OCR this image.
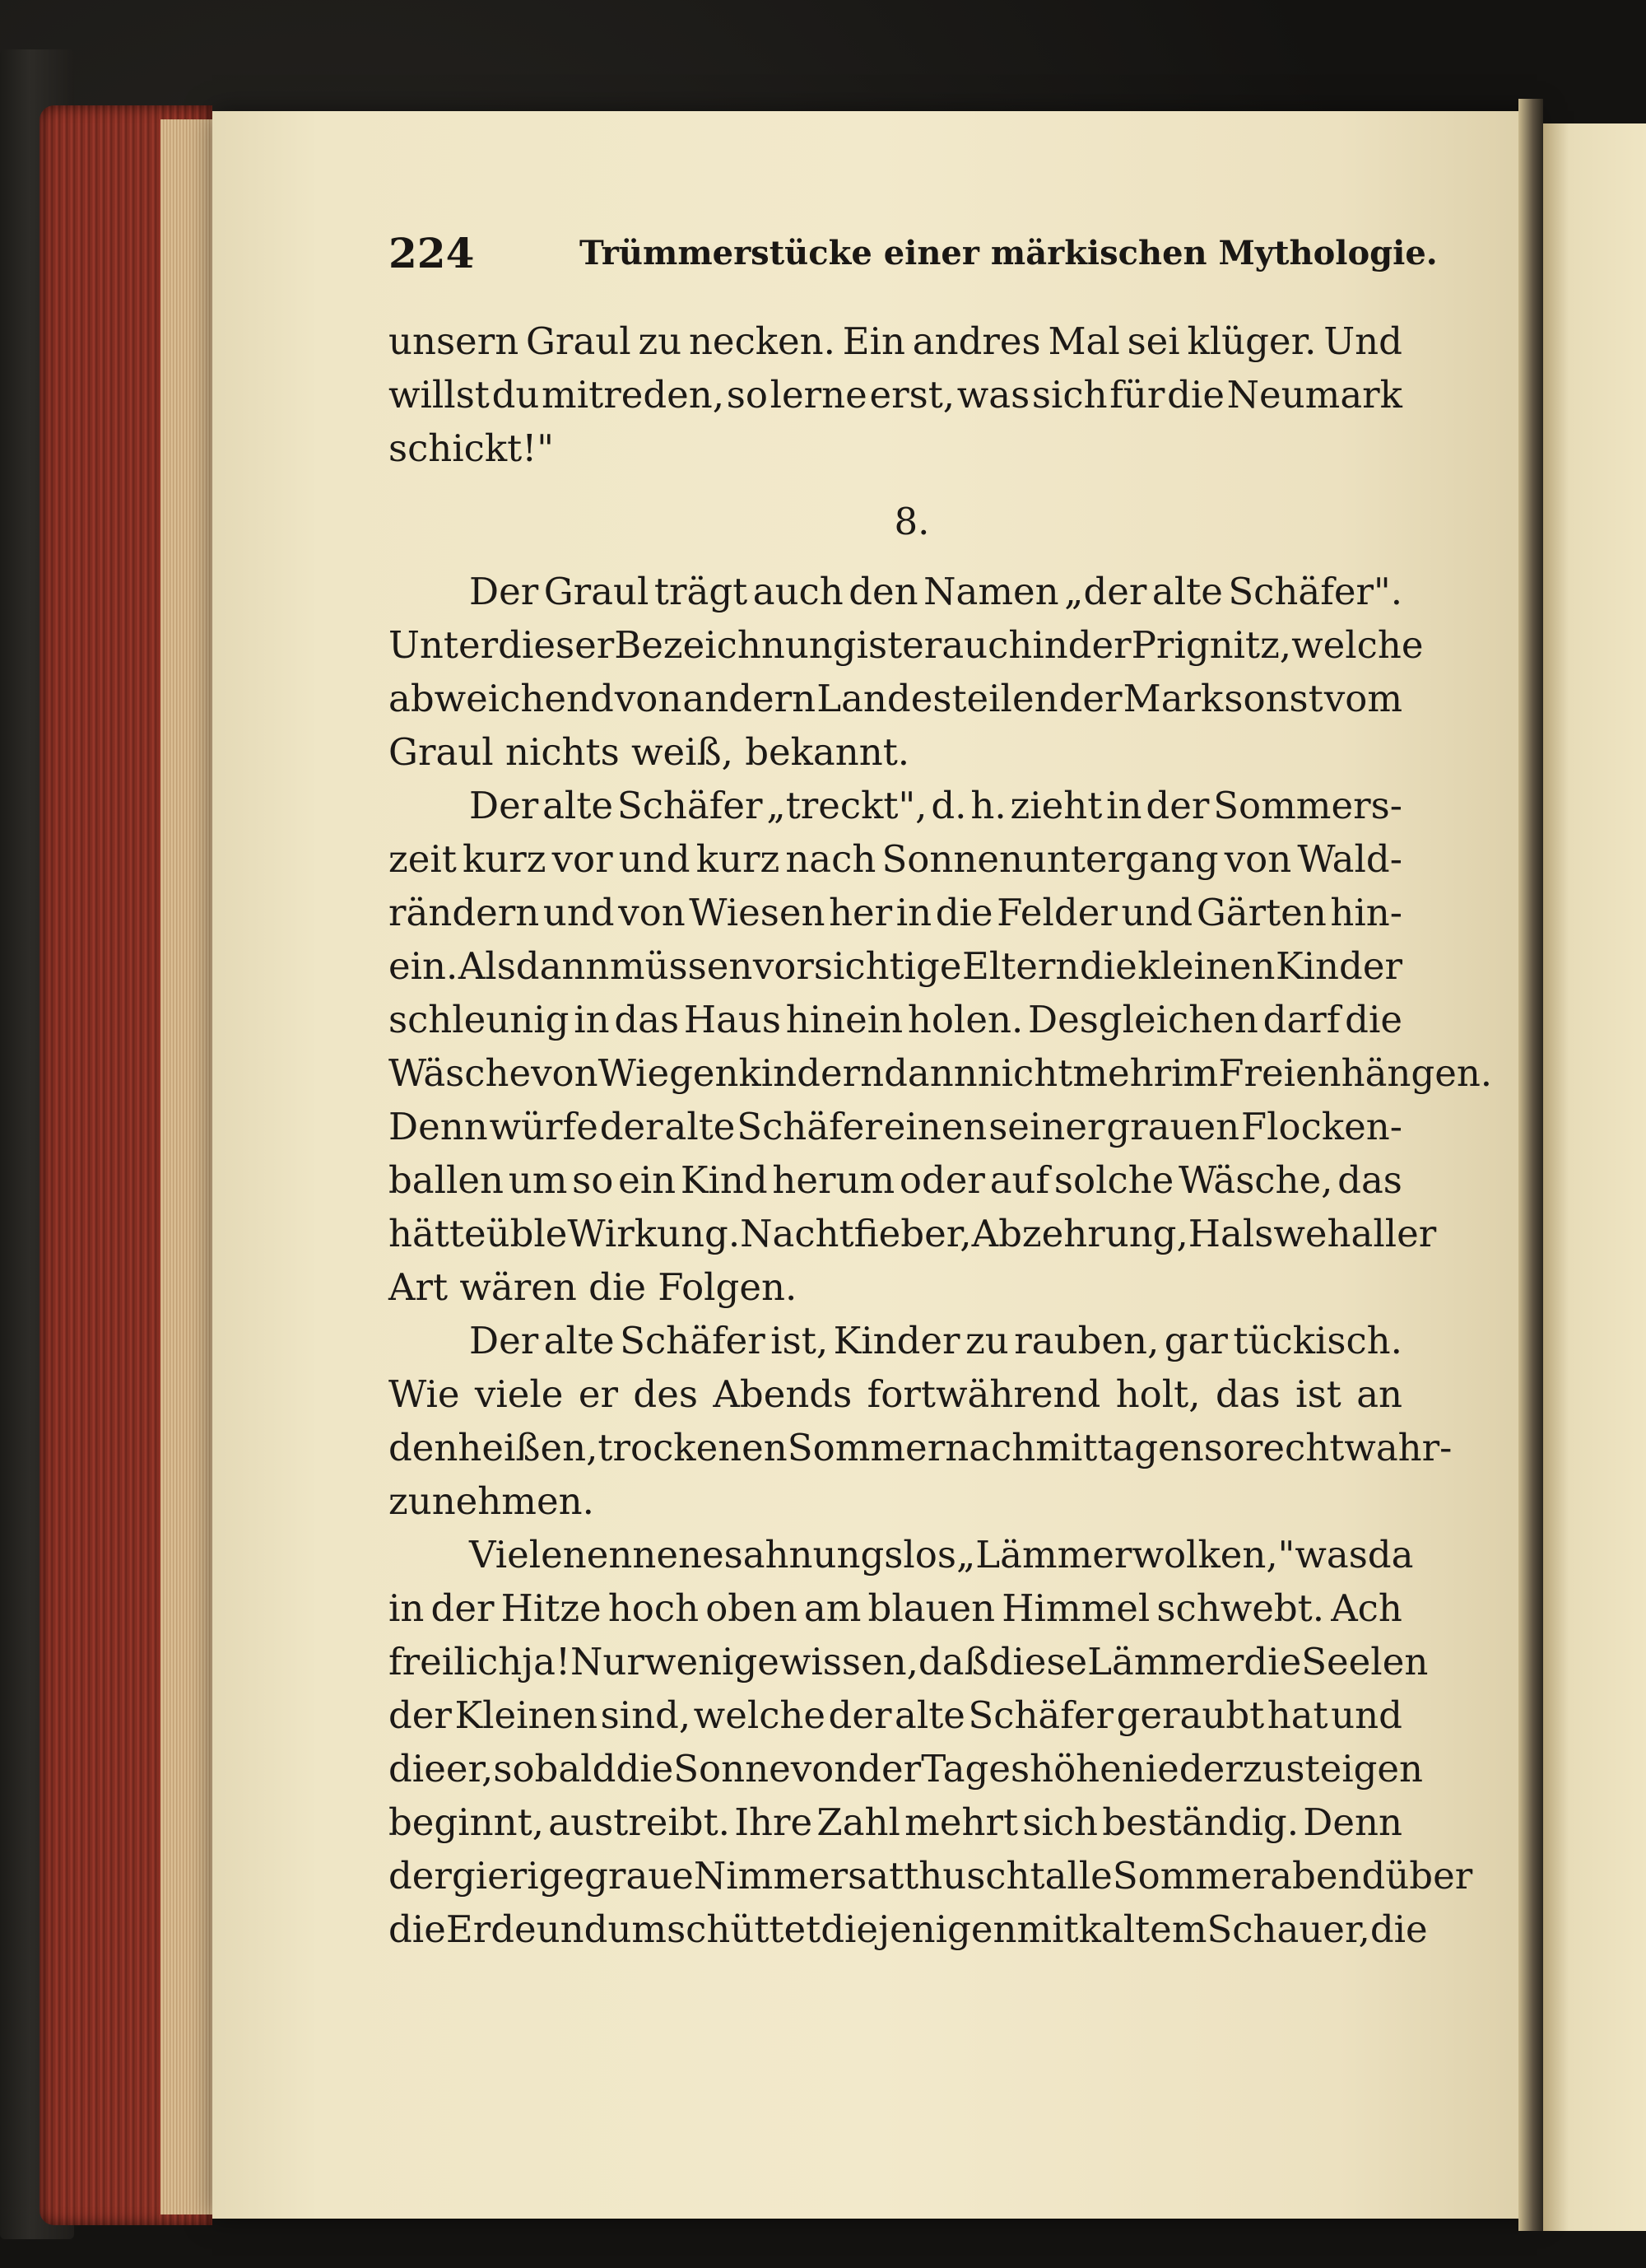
224	Trümmerstücke einer märkischen Mythologie.
unsern Graul zu necken. Ein andres Mal sei klüger. Und
willst du mitreden, so lerne erst, was sich für die Neumark
schickt!"

8.

Der Graul trägt auch den Namen „der alte Schäfer".
Unter dieser Bezeichnung ist er auch in der Prignitz, welche
abweichend von andern Landesteilen der Mark sonst vom
Graul nichts weiß, bekannt.
Der alte Schäfer „treckt", d. h. zieht in der Sommers-
zeit kurz vor und kurz nach Sonnenuntergang von Wald-
rändern und von Wiesen her in die Felder und Gärten hin-
ein. Alsdann müssen vorsichtige Eltern die kleinen Kinder
schleunig in das Haus hinein holen. Desgleichen darf die
Wäsche von Wiegenkindern dann nicht mehr im Freien hängen.
Denn würfe der alte Schäfer einen seiner grauen Flocken-
ballen um so ein Kind herum oder auf solche Wäsche, das
hätte üble Wirkung. Nachtfieber, Abzehrung, Halsweh aller
Art wären die Folgen.
Der alte Schäfer ist, Kinder zu rauben, gar tückisch.
Wie viele er des Abends fortwährend holt, das ist an
den heißen, trockenen Sommernachmittagen so recht wahr-
zunehmen.
Viele nennen es ahnungslos „Lämmerwolken," was da
in der Hitze hoch oben am blauen Himmel schwebt. Ach
freilich ja! Nur wenige wissen, daß diese Lämmer die Seelen
der Kleinen sind, welche der alte Schäfer geraubt hat und
die er, sobald die Sonne von der Tageshöhe niederzusteigen
beginnt, austreibt. Ihre Zahl mehrt sich beständig. Denn
der gierige graue Nimmersatt huscht alle Sommerabend über
die Erde und umschüttet diejenigen mit kaltem Schauer, die
